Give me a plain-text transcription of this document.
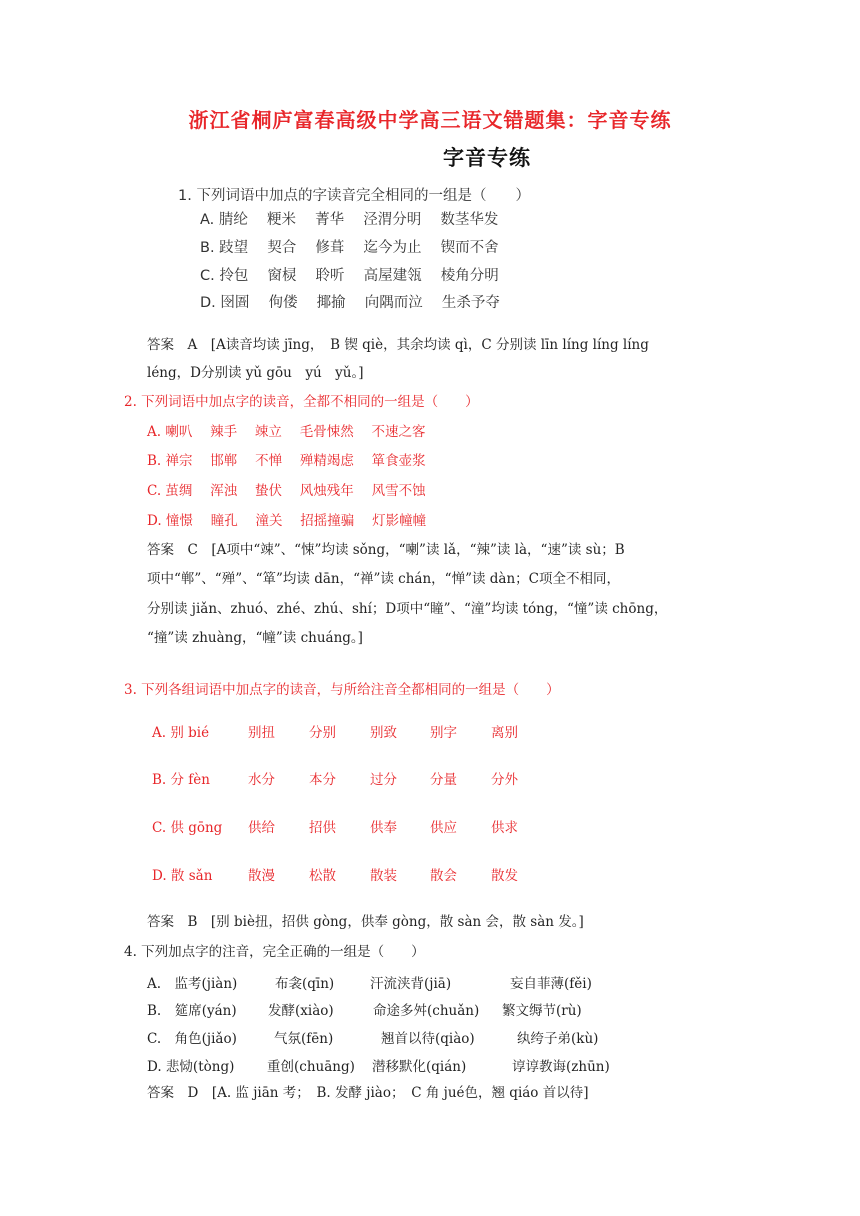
浙江省桐庐富春高级中学高三语文错题集：字音专练
字音专练
1. 下列词语中加点的字读音完全相同的一组是（　　）
A. 腈纶　 粳米　 菁华　 泾渭分明　 数茎华发
B. 跂望　 契合　 修葺　 迄今为止　 锲而不舍
C. 拎包　 窗棂　 聆听　 高屋建瓴　 棱角分明
D. 囹圄　 佝偻　 揶揄　 向隅而泣　 生杀予夺
答案　A　[A读音均读 jīng，　B 锲 qiè，其余均读 qì，C 分别读 līn líng líng líng
léng，D分别读 yǔ gōu　yú　yǔ。]
2. 下列词语中加点字的读音，全都不相同的一组是（　　）
A. 喇叭　 辣手　 竦立　 毛骨悚然　 不速之客
B. 禅宗　 邯郸　 不惮　 殚精竭虑　 箪食壶浆
C. 茧绸　 浑浊　 蛰伏　 风烛残年　 风雪不蚀
D. 憧憬　 瞳孔　 潼关　 招摇撞骗　 灯影幢幢
答案　C　[A项中“竦”、“悚”均读 sǒng，“喇”读 lǎ，“辣”读 là，“速”读 sù；B
项中“郸”、“殚”、“箪”均读 dān，“禅”读 chán，“惮”读 dàn；C项全不相同，
分别读 jiǎn、zhuó、zhé、zhú、shí；D项中“瞳”、“潼”均读 tóng，“憧”读 chōng，
“撞”读 zhuàng，“幢”读 chuáng。]
3. 下列各组词语中加点字的读音，与所给注音全都相同的一组是（　　）
A. 别 bié	别扭	分别	别致 别字	离别
B. 分 fèn	水分	本分	过分 分量	分外
C. 供 gōng 供给	招供	供奉 供应	供求
D. 散 sǎn	散漫	松散	散装 散会	散发
答案　B　[别 biè扭，招供 gòng，供奉 gòng，散 sàn 会，散 sàn 发。]
4. 下列加点字的注音，完全正确的一组是（　　）
A.　监考(jiàn)	布衾(qīn)	汗流浃背(jiā)	妄自菲薄(fěi)
B.　筵席(yán) 发酵(xiào)	命途多舛(chuǎn) 繁文缛节(rù)
C.　角色(jiǎo)	气氛(fēn)	翘首以待(qiào)	纨绔子弟(kù)
D. 悲恸(tòng) 重创(chuāng) 潜移默化(qián)	谆谆教诲(zhūn)
答案　D　[A. 监 jiān 考；　B. 发酵 jiào；　C 角 jué色，翘 qiáo 首以待]
